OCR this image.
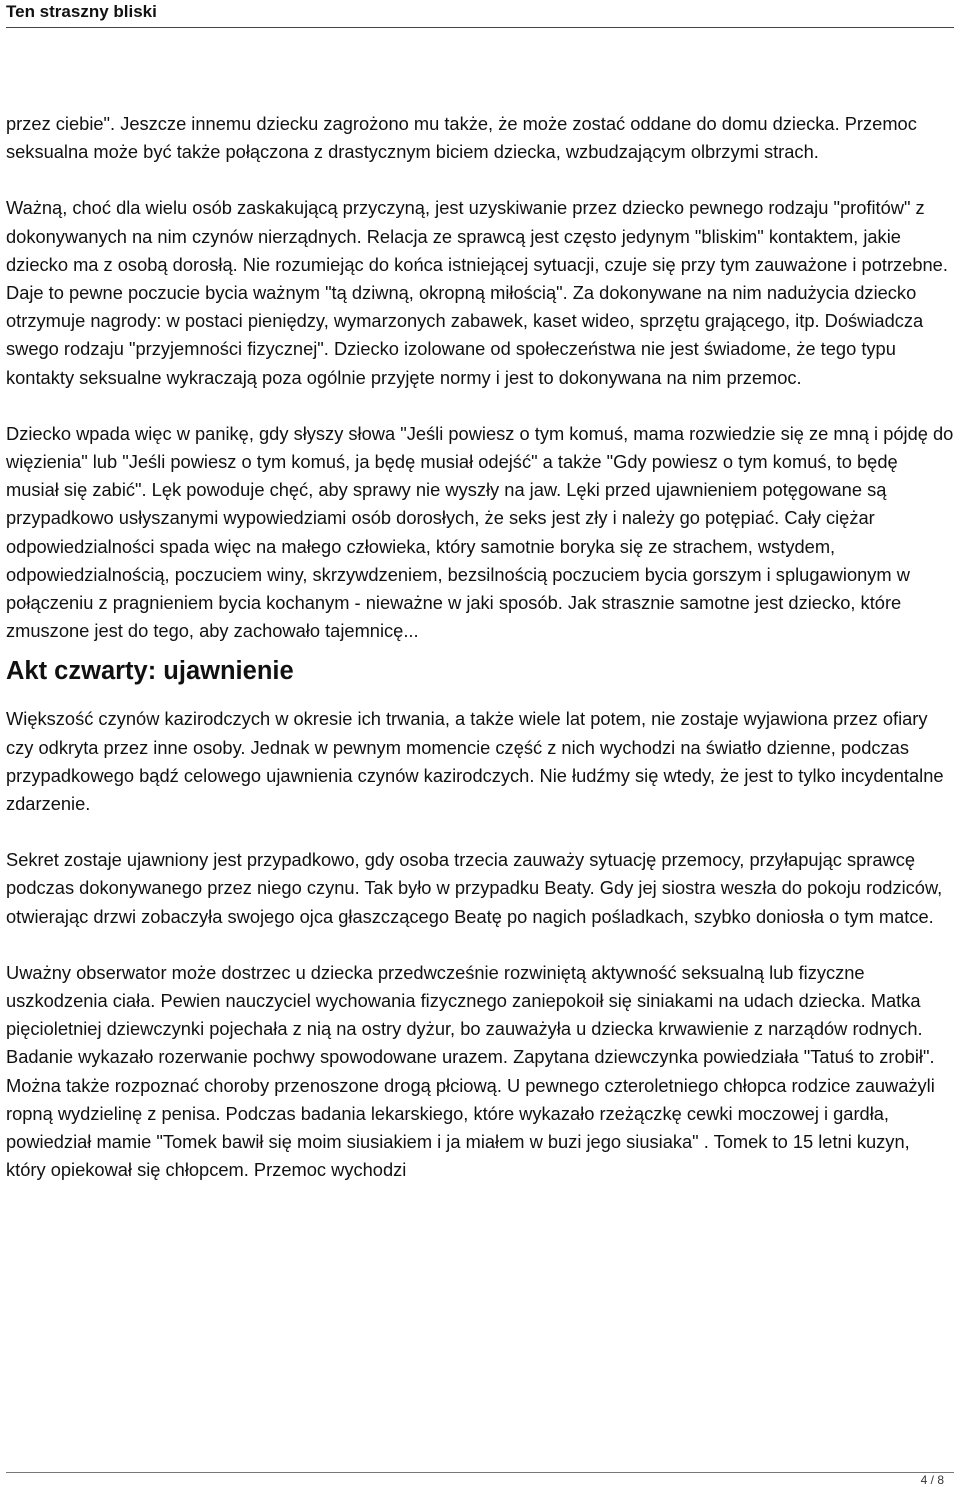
Ten straszny bliski

przez ciebie". Jeszcze innemu dziecku zagrożono mu także, że może zostać oddane do domu dziecka. Przemoc seksualna może być także połączona z drastycznym biciem dziecka, wzbudzającym olbrzymi strach.

Ważną, choć dla wielu osób zaskakującą przyczyną, jest uzyskiwanie przez dziecko pewnego rodzaju "profitów" z dokonywanych na nim czynów nierządnych. Relacja ze sprawcą jest często jedynym "bliskim" kontaktem, jakie dziecko ma z osobą dorosłą. Nie rozumiejąc do końca istniejącej sytuacji, czuje się przy tym zauważone i potrzebne. Daje to pewne poczucie bycia ważnym "tą dziwną, okropną miłością". Za dokonywane na nim nadużycia dziecko otrzymuje nagrody: w postaci pieniędzy, wymarzonych zabawek, kaset wideo, sprzętu grającego, itp. Doświadcza swego rodzaju "przyjemności fizycznej". Dziecko izolowane od społeczeństwa nie jest świadome, że tego typu kontakty seksualne wykraczają poza ogólnie przyjęte normy i jest to dokonywana na nim przemoc.

Dziecko wpada więc w panikę, gdy słyszy słowa "Jeśli powiesz o tym komuś, mama rozwiedzie się ze mną i pójdę do więzienia" lub "Jeśli powiesz o tym komuś, ja będę musiał odejść" a także "Gdy powiesz o tym komuś, to będę musiał się zabić". Lęk powoduje chęć, aby sprawy nie wyszły na jaw. Lęki przed ujawnieniem potęgowane są przypadkowo usłyszanymi wypowiedziami osób dorosłych, że seks jest zły i należy go potępiać. Cały ciężar odpowiedzialności spada więc na małego człowieka, który samotnie boryka się ze strachem, wstydem, odpowiedzialnością, poczuciem winy, skrzywdzeniem, bezsilnością poczuciem bycia gorszym i splugawionym w połączeniu z pragnieniem bycia kochanym - nieważne w jaki sposób. Jak strasznie samotne jest dziecko, które zmuszone jest do tego, aby zachowało tajemnicę...

Akt czwarty: ujawnienie

Większość czynów kazirodczych w okresie ich trwania, a także wiele lat potem, nie zostaje wyjawiona przez ofiary czy odkryta przez inne osoby. Jednak w pewnym momencie część z nich wychodzi na światło dzienne, podczas przypadkowego bądź celowego ujawnienia czynów kazirodczych. Nie łudźmy się wtedy, że jest to tylko incydentalne zdarzenie.

Sekret zostaje ujawniony jest przypadkowo, gdy osoba trzecia zauważy sytuację przemocy, przyłapując sprawcę podczas dokonywanego przez niego czynu. Tak było w przypadku Beaty. Gdy jej siostra weszła do pokoju rodziców, otwierając drzwi zobaczyła swojego ojca głaszczącego Beatę po nagich pośladkach, szybko doniosła o tym matce.

Uważny obserwator może dostrzec u dziecka przedwcześnie rozwiniętą aktywność seksualną lub fizyczne uszkodzenia ciała. Pewien nauczyciel wychowania fizycznego zaniepokoił się siniakami na udach dziecka. Matka pięcioletniej dziewczynki pojechała z nią na ostry dyżur, bo zauważyła u dziecka krwawienie z narządów rodnych. Badanie wykazało rozerwanie pochwy spowodowane urazem. Zapytana dziewczynka powiedziała "Tatuś to zrobił". Można także rozpoznać choroby przenoszone drogą płciową. U pewnego czteroletniego chłopca rodzice zauważyli ropną wydzielinę z penisa. Podczas badania lekarskiego, które wykazało rzeżączkę cewki moczowej i gardła, powiedział mamie "Tomek bawił się moim siusiakiem i ja miałem w buzi jego siusiaka" . Tomek to 15 letni kuzyn, który opiekował się chłopcem. Przemoc wychodzi

4 / 8
